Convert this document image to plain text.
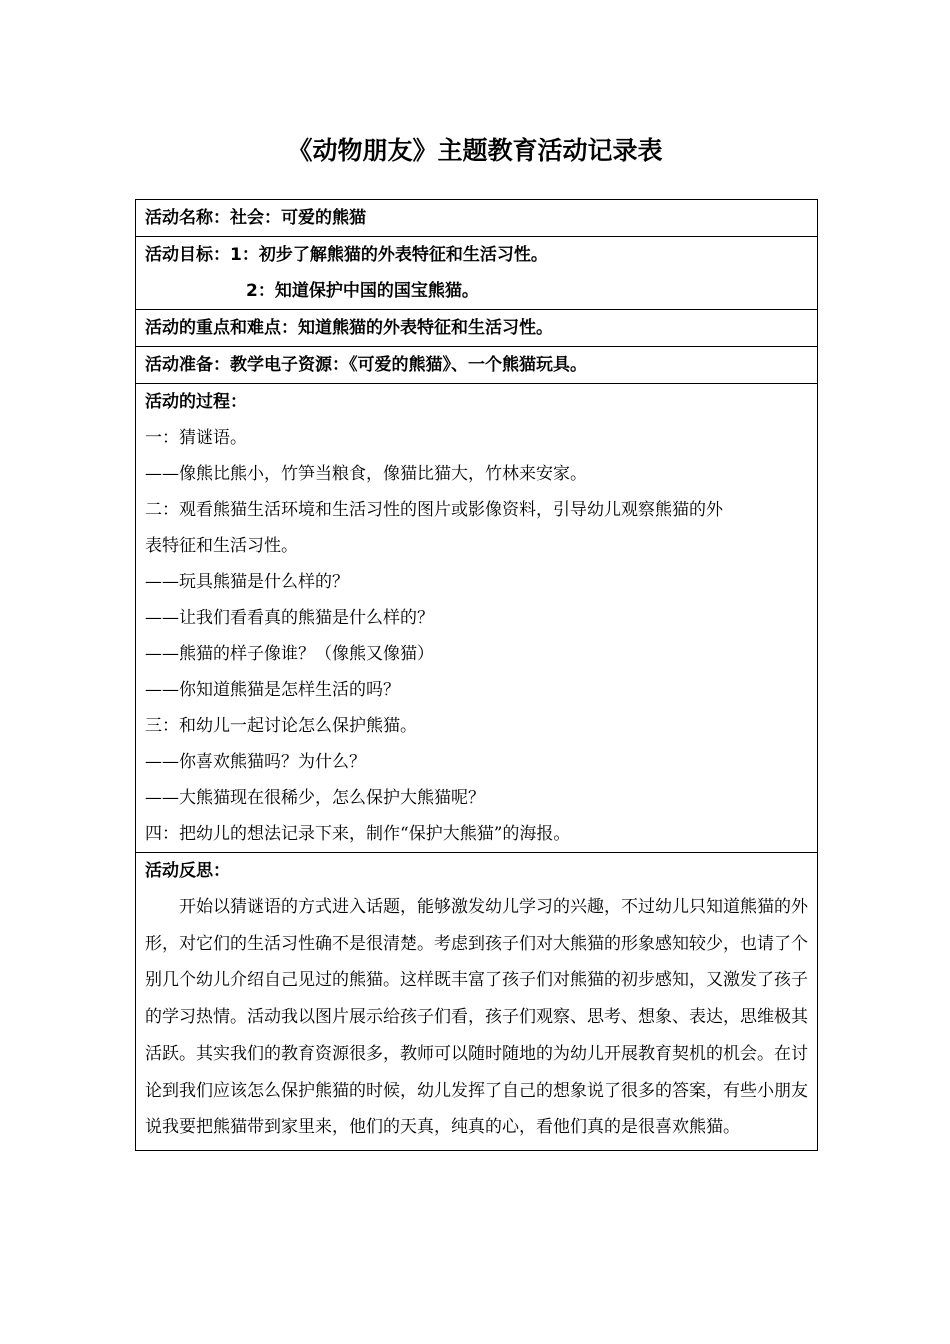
《动物朋友》主题教育活动记录表
活动名称：社会：可爱的熊猫
活动目标：1：初步了解熊猫的外表特征和生活习性。
2：知道保护中国的国宝熊猫。
活动的重点和难点：知道熊猫的外表特征和生活习性。
活动准备：教学电子资源：《可爱的熊猫》、一个熊猫玩具。
活动的过程：
一：猜谜语。
——像熊比熊小，竹笋当粮食，像猫比猫大，竹林来安家。
二：观看熊猫生活环境和生活习性的图片或影像资料，引导幼儿观察熊猫的外
表特征和生活习性。
——玩具熊猫是什么样的？
——让我们看看真的熊猫是什么样的？
——熊猫的样子像谁？（像熊又像猫）
——你知道熊猫是怎样生活的吗？
三：和幼儿一起讨论怎么保护熊猫。
——你喜欢熊猫吗？为什么？
——大熊猫现在很稀少，怎么保护大熊猫呢？
四：把幼儿的想法记录下来，制作“保护大熊猫”的海报。
活动反思：

开始以猜谜语的方式进入话题，能够激发幼儿学习的兴趣，不过幼儿只知道熊猫的外形，对它们的生活习性确不是很清楚。考虑到孩子们对大熊猫的形象感知较少，也请了个别几个幼儿介绍自己见过的熊猫。这样既丰富了孩子们对熊猫的初步感知，又激发了孩子的学习热情。活动我以图片展示给孩子们看，孩子们观察、思考、想象、表达，思维极其活跃。其实我们的教育资源很多，教师可以随时随地的为幼儿开展教育契机的机会。在讨论到我们应该怎么保护熊猫的时候，幼儿发挥了自己的想象说了很多的答案，有些小朋友说我要把熊猫带到家里来，他们的天真，纯真的心，看他们真的是很喜欢熊猫。
